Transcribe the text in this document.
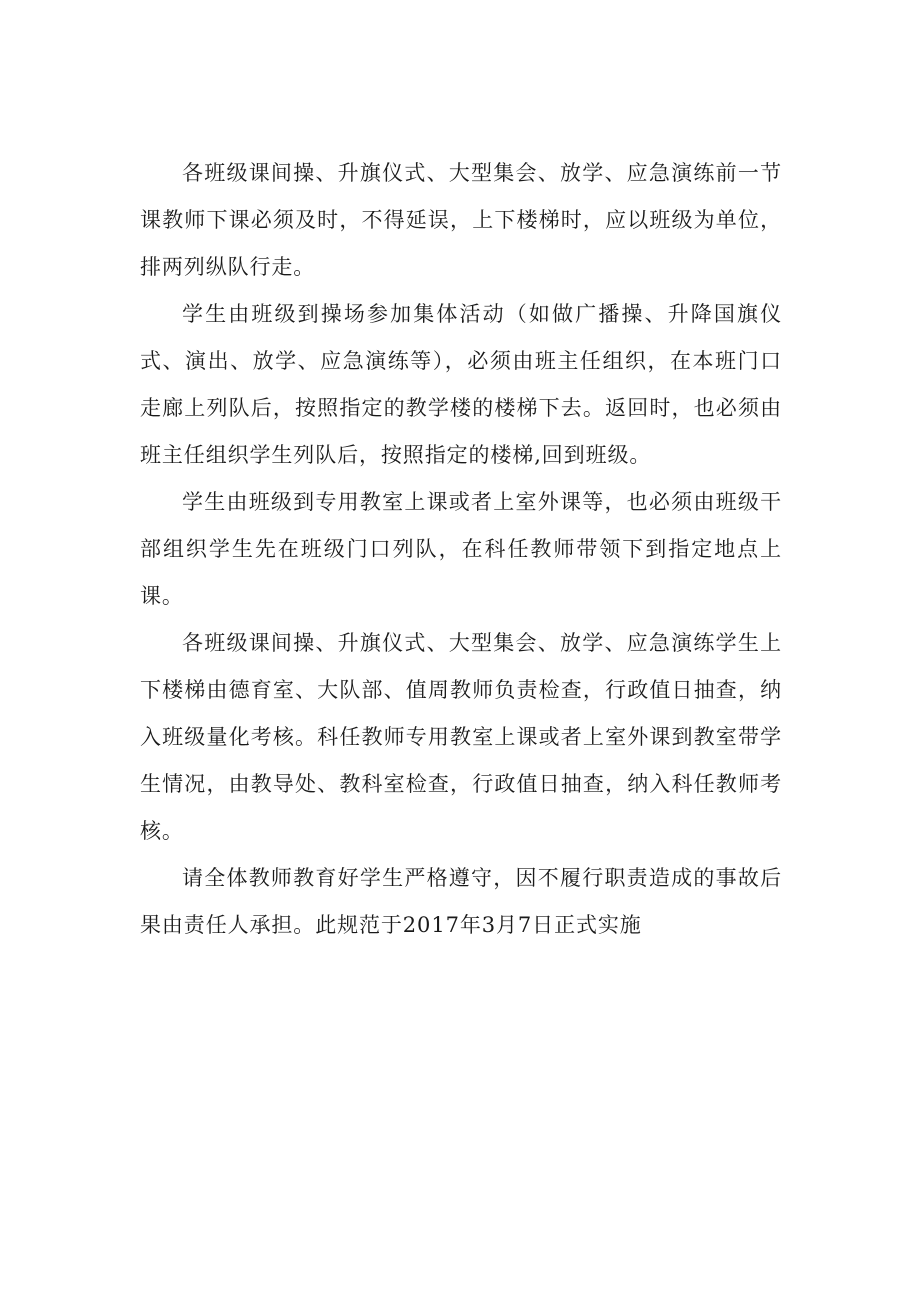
各班级课间操、升旗仪式、大型集会、放学、应急演练前一节课教师下课必须及时，不得延误，上下楼梯时，应以班级为单位，排两列纵队行走。

学生由班级到操场参加集体活动（如做广播操、升降国旗仪式、演出、放学、应急演练等），必须由班主任组织，在本班门口走廊上列队后，按照指定的教学楼的楼梯下去。返回时，也必须由班主任组织学生列队后，按照指定的楼梯,回到班级。

学生由班级到专用教室上课或者上室外课等，也必须由班级干部组织学生先在班级门口列队，在科任教师带领下到指定地点上课。

各班级课间操、升旗仪式、大型集会、放学、应急演练学生上下楼梯由德育室、大队部、值周教师负责检查，行政值日抽查，纳入班级量化考核。科任教师专用教室上课或者上室外课到教室带学生情况，由教导处、教科室检查，行政值日抽查，纳入科任教师考核。

请全体教师教育好学生严格遵守，因不履行职责造成的事故后果由责任人承担。此规范于2017年3月7日正式实施
